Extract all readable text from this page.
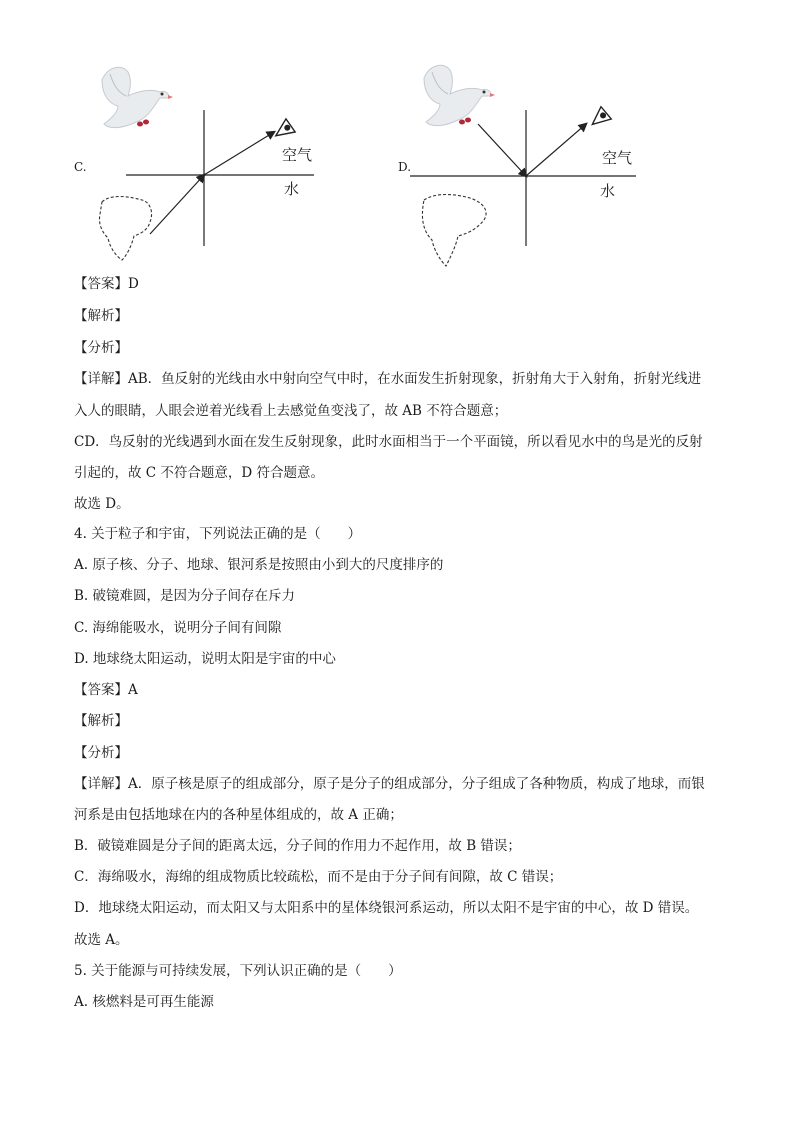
C.
空气
水
D.	空气
水
【答案】D
【解析】
【分析】
【详解】AB．鱼反射的光线由水中射向空气中时，在水面发生折射现象，折射角大于入射角，折射光线进
入人的眼睛，人眼会逆着光线看上去感觉鱼变浅了，故 AB 不符合题意；
CD．鸟反射的光线遇到水面在发生反射现象，此时水面相当于一个平面镜，所以看见水中的鸟是光的反射
引起的，故 C 不符合题意，D 符合题意。
故选 D。
4. 关于粒子和宇宙，下列说法正确的是（　　）
A. 原子核、分子、地球、银河系是按照由小到大的尺度排序的
B. 破镜难圆，是因为分子间存在斥力
C. 海绵能吸水，说明分子间有间隙
D. 地球绕太阳运动，说明太阳是宇宙的中心
【答案】A
【解析】
【分析】
【详解】A．原子核是原子的组成部分，原子是分子的组成部分，分子组成了各种物质，构成了地球，而银
河系是由包括地球在内的各种星体组成的，故 A 正确；
B．破镜难圆是分子间的距离太远，分子间的作用力不起作用，故 B 错误；
C．海绵吸水，海绵的组成物质比较疏松，而不是由于分子间有间隙，故 C 错误；
D．地球绕太阳运动，而太阳又与太阳系中的星体绕银河系运动，所以太阳不是宇宙的中心，故 D 错误。
故选 A。
5. 关于能源与可持续发展，下列认识正确的是（　　）
A. 核燃料是可再生能源
